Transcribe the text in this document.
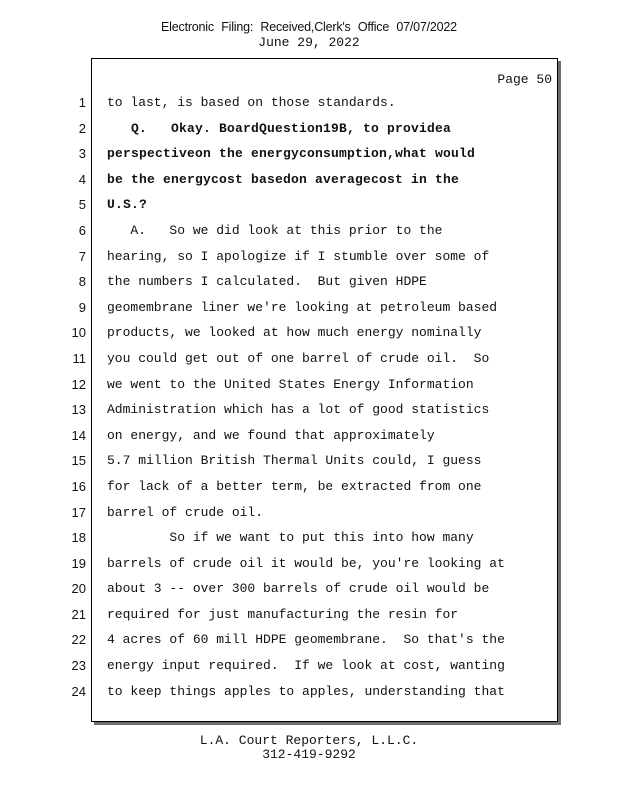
Electronic Filing: Received,Clerk's Office 07/07/2022
June 29, 2022
Page 50
1
2
3
4
5
6
7
8
9
10
11
12
13
14
15
16
17
18
19
20
21
22
23
24
to last, is based on those standards.
Q.   Okay. BoardQuestion19B, to providea
perspectiveon the energyconsumption,what would
be the energycost basedon averagecost in the
U.S.?
A.   So we did look at this prior to the
hearing, so I apologize if I stumble over some of
the numbers I calculated.  But given HDPE
geomembrane liner we're looking at petroleum based
products, we looked at how much energy nominally
you could get out of one barrel of crude oil.  So
we went to the United States Energy Information
Administration which has a lot of good statistics
on energy, and we found that approximately
5.7 million British Thermal Units could, I guess
for lack of a better term, be extracted from one
barrel of crude oil.
So if we want to put this into how many
barrels of crude oil it would be, you're looking at
about 3 -- over 300 barrels of crude oil would be
required for just manufacturing the resin for
4 acres of 60 mill HDPE geomembrane.  So that's the
energy input required.  If we look at cost, wanting
to keep things apples to apples, understanding that
L.A. Court Reporters, L.L.C.
312-419-9292
